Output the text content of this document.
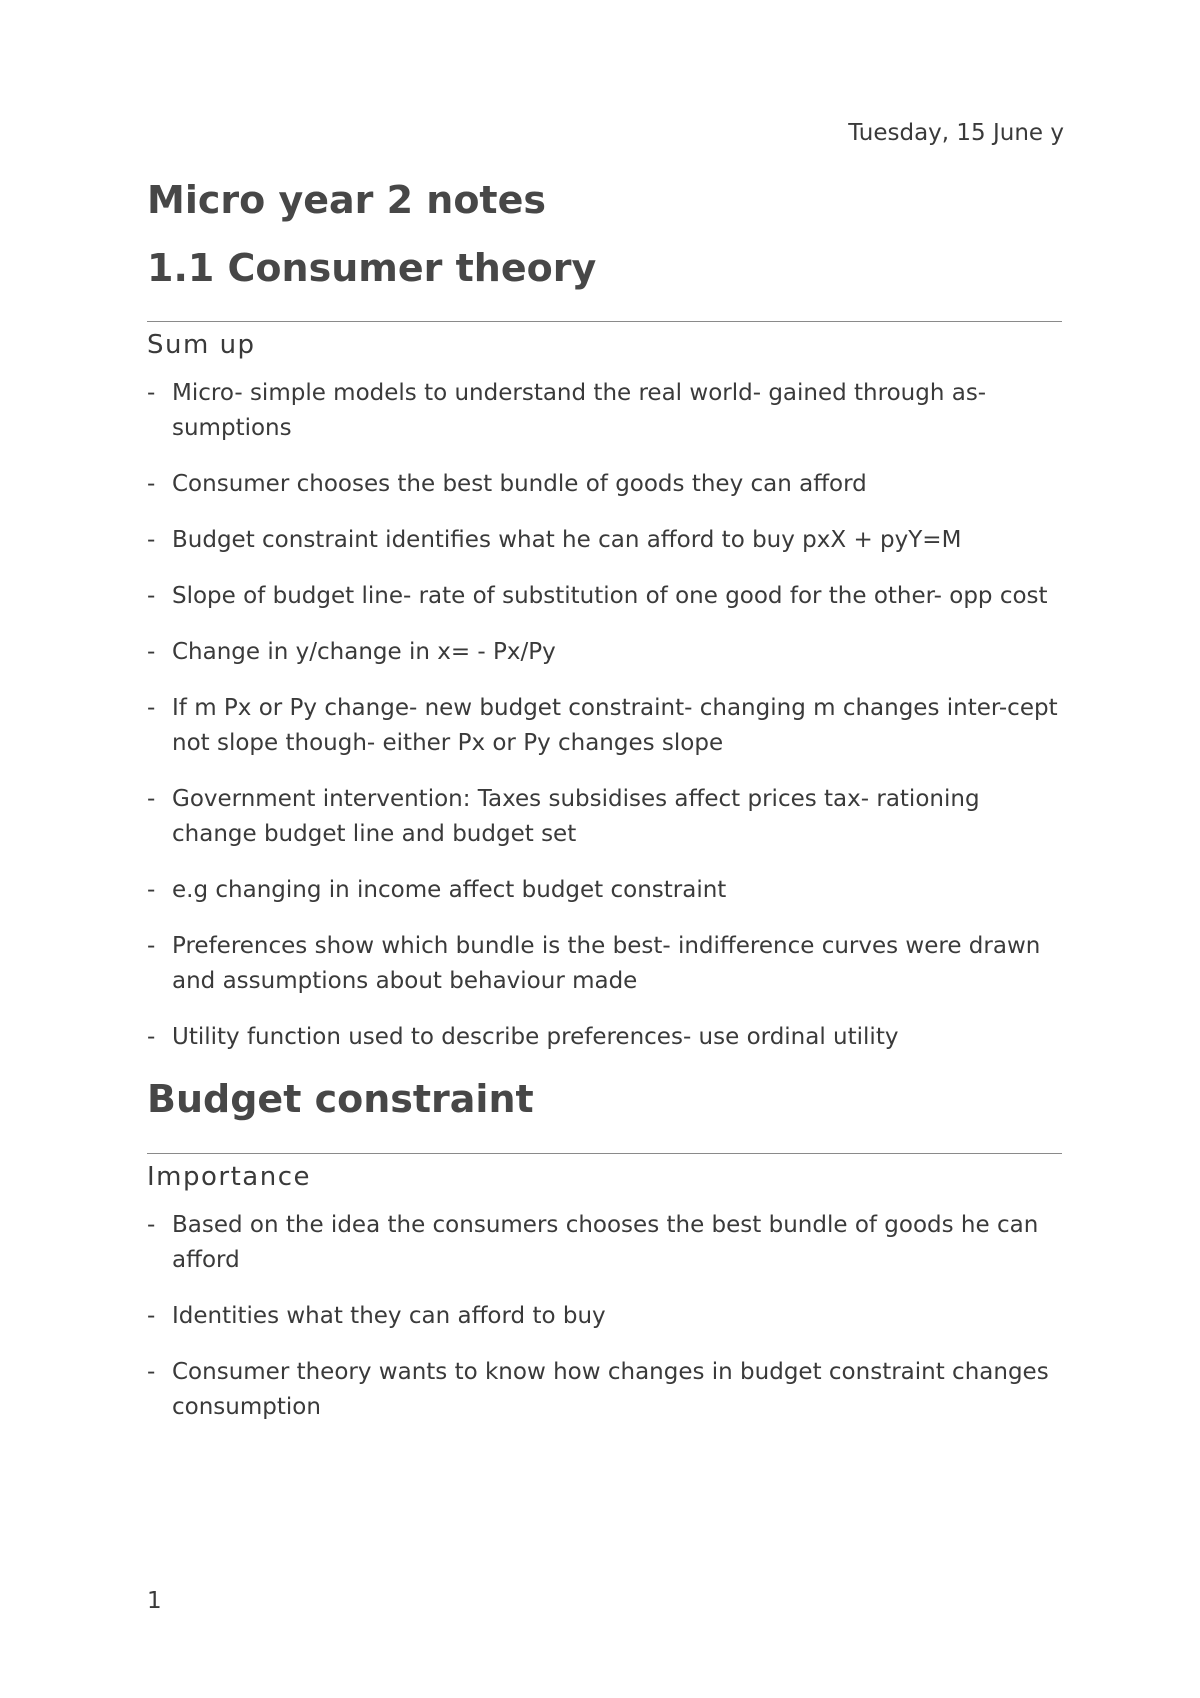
Tuesday, 15 June y
Micro year 2 notes
1.1 Consumer theory
Sum up
- Micro- simple models to understand the real world- gained through as-sumptions
- Consumer chooses the best bundle of goods they can afford
- Budget constraint identifies what he can afford to buy pxX + pyY=M
- Slope of budget line- rate of substitution of one good for the other- opp cost
- Change in y/change in x= - Px/Py
- If m Px or Py change- new budget constraint- changing m changes inter-cept not slope though- either Px or Py changes slope
- Government intervention: Taxes subsidises affect prices tax- rationing change budget line and budget set
- e.g changing in income affect budget constraint
- Preferences show which bundle is the best- indifference curves were drawn and assumptions about behaviour made
- Utility function used to describe preferences- use ordinal utility
Budget constraint
Importance
- Based on the idea the consumers chooses the best bundle of goods he can afford
- Identities what they can afford to buy
- Consumer theory wants to know how changes in budget constraint changes consumption
1
